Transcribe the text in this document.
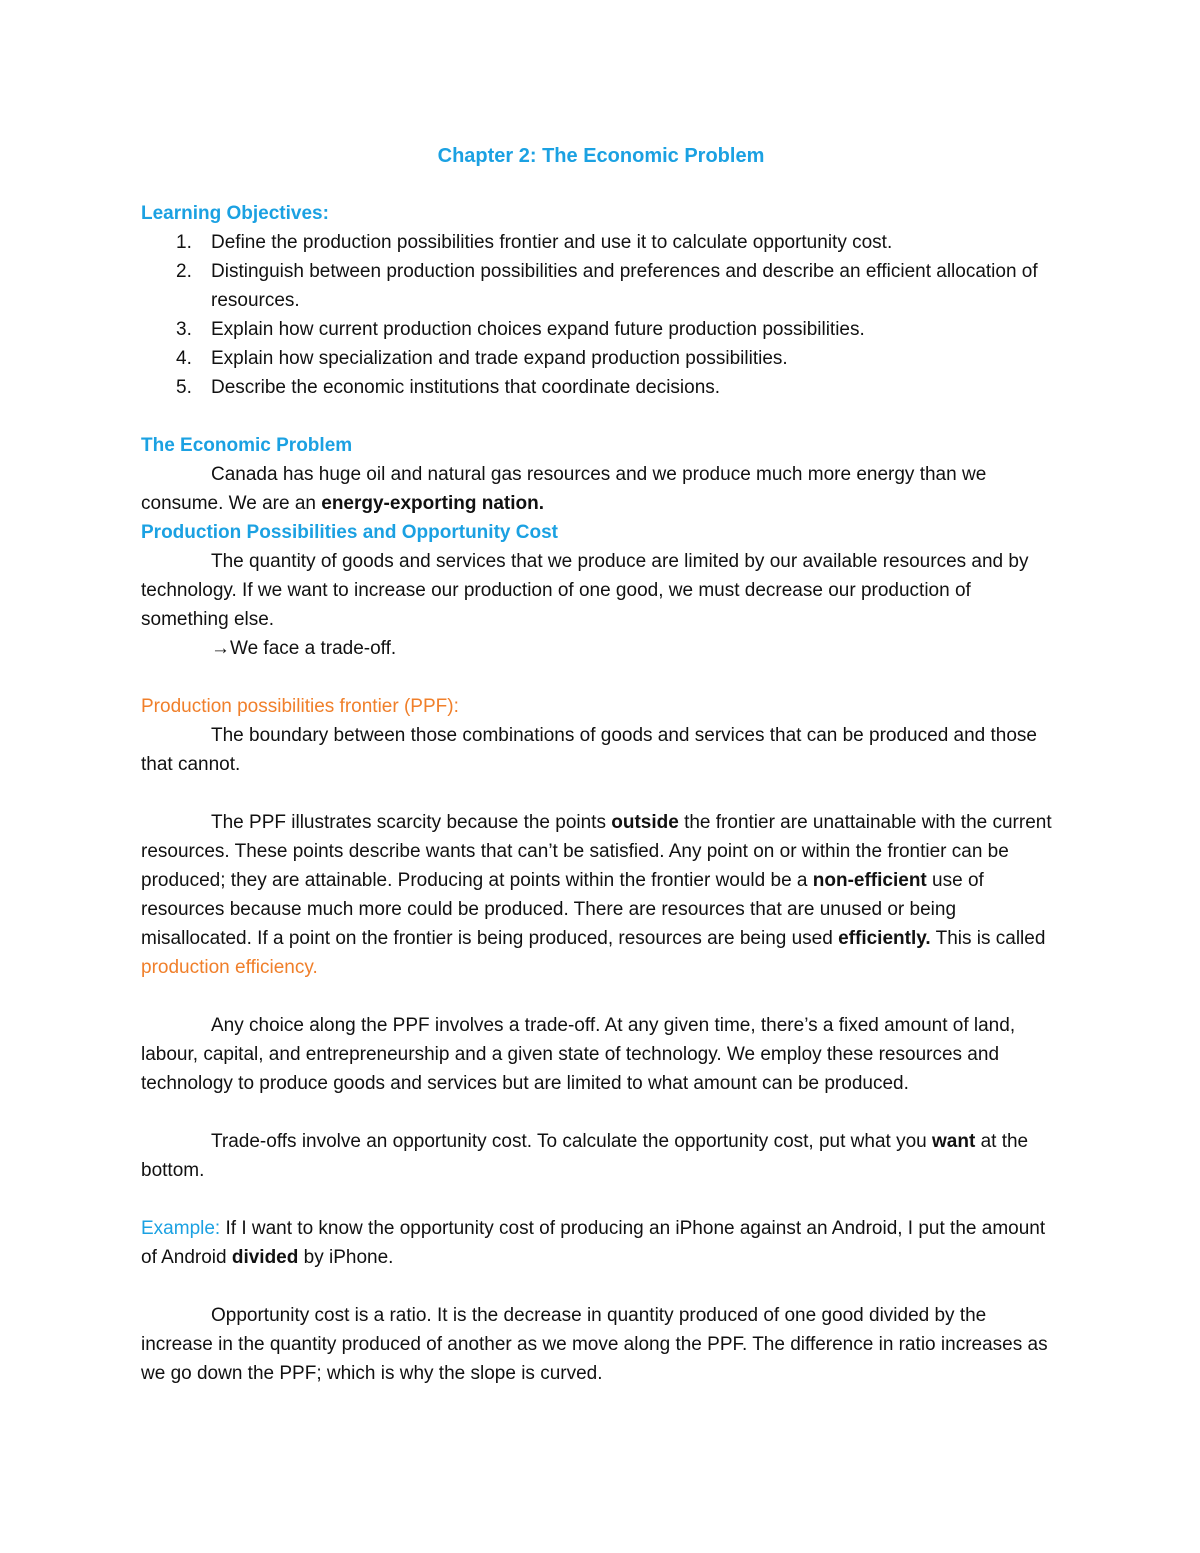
Chapter 2: The Economic Problem
Learning Objectives:
1. Define the production possibilities frontier and use it to calculate opportunity cost.
2. Distinguish between production possibilities and preferences and describe an efficient allocation of resources.
3. Explain how current production choices expand future production possibilities.
4. Explain how specialization and trade expand production possibilities.
5. Describe the economic institutions that coordinate decisions.
The Economic Problem

Canada has huge oil and natural gas resources and we produce much more energy than we consume. We are an energy-exporting nation.

Production Possibilities and Opportunity Cost

The quantity of goods and services that we produce are limited by our available resources and by technology. If we want to increase our production of one good, we must decrease our production of something else.

→We face a trade-off.

Production possibilities frontier (PPF):

The boundary between those combinations of goods and services that can be produced and those that cannot.

The PPF illustrates scarcity because the points outside the frontier are unattainable with the current resources. These points describe wants that can’t be satisfied. Any point on or within the frontier can be produced; they are attainable. Producing at points within the frontier would be a non-efficient use of resources because much more could be produced. There are resources that are unused or being misallocated. If a point on the frontier is being produced, resources are being used efficiently. This is called production efficiency.

Any choice along the PPF involves a trade-off. At any given time, there’s a fixed amount of land, labour, capital, and entrepreneurship and a given state of technology. We employ these resources and technology to produce goods and services but are limited to what amount can be produced.

Trade-offs involve an opportunity cost. To calculate the opportunity cost, put what you want at the bottom.

Example: If I want to know the opportunity cost of producing an iPhone against an Android, I put the amount of Android divided by iPhone.

Opportunity cost is a ratio. It is the decrease in quantity produced of one good divided by the increase in the quantity produced of another as we move along the PPF. The difference in ratio increases as we go down the PPF; which is why the slope is curved.
